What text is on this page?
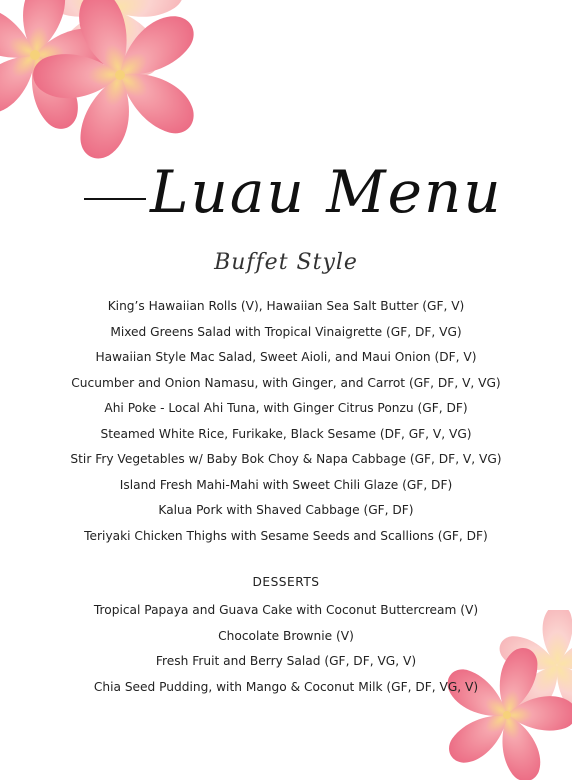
Luau Menu
Buffet Style
King’s Hawaiian Rolls (V), Hawaiian Sea Salt Butter (GF, V)
Mixed Greens Salad with Tropical Vinaigrette (GF, DF, VG)
Hawaiian Style Mac Salad, Sweet Aioli, and Maui Onion (DF, V)
Cucumber and Onion Namasu, with Ginger, and Carrot (GF, DF, V, VG)
Ahi Poke - Local Ahi Tuna, with Ginger Citrus Ponzu (GF, DF)
Steamed White Rice, Furikake, Black Sesame (DF, GF, V, VG)
Stir Fry Vegetables w/ Baby Bok Choy & Napa Cabbage (GF, DF, V, VG)
Island Fresh Mahi-Mahi with Sweet Chili Glaze (GF, DF)
Kalua Pork with Shaved Cabbage (GF, DF)
Teriyaki Chicken Thighs with Sesame Seeds and Scallions (GF, DF)
DESSERTS
Tropical Papaya and Guava Cake with Coconut Buttercream (V)
Chocolate Brownie (V)
Fresh Fruit and Berry Salad (GF, DF, VG, V)
Chia Seed Pudding, with Mango & Coconut Milk (GF, DF, VG, V)
